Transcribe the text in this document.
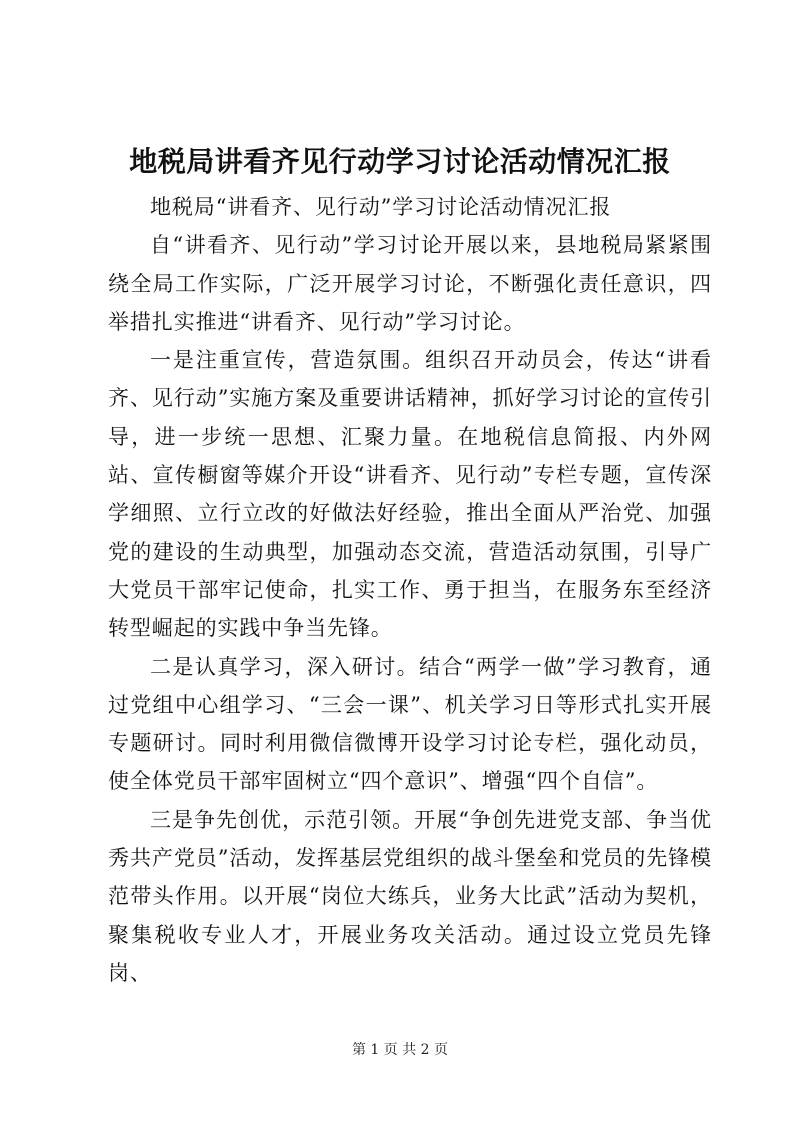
地税局讲看齐见行动学习讨论活动情况汇报

地税局“讲看齐、见行动”学习讨论活动情况汇报

自“讲看齐、见行动”学习讨论开展以来，县地税局紧紧围绕全局工作实际，广泛开展学习讨论，不断强化责任意识，四举措扎实推进“讲看齐、见行动”学习讨论。

一是注重宣传，营造氛围。组织召开动员会，传达“讲看齐、见行动”实施方案及重要讲话精神，抓好学习讨论的宣传引导，进一步统一思想、汇聚力量。在地税信息简报、内外网站、宣传橱窗等媒介开设“讲看齐、见行动”专栏专题，宣传深学细照、立行立改的好做法好经验，推出全面从严治党、加强党的建设的生动典型，加强动态交流，营造活动氛围，引导广大党员干部牢记使命，扎实工作、勇于担当，在服务东至经济转型崛起的实践中争当先锋。

二是认真学习，深入研讨。结合“两学一做”学习教育，通过党组中心组学习、“三会一课”、机关学习日等形式扎实开展专题研讨。同时利用微信微博开设学习讨论专栏，强化动员，使全体党员干部牢固树立“四个意识”、增强“四个自信”。

三是争先创优，示范引领。开展“争创先进党支部、争当优秀共产党员”活动，发挥基层党组织的战斗堡垒和党员的先锋模范带头作用。以开展“岗位大练兵，业务大比武”活动为契机，聚集税收专业人才，开展业务攻关活动。通过设立党员先锋岗、

第 1 页 共 2 页
